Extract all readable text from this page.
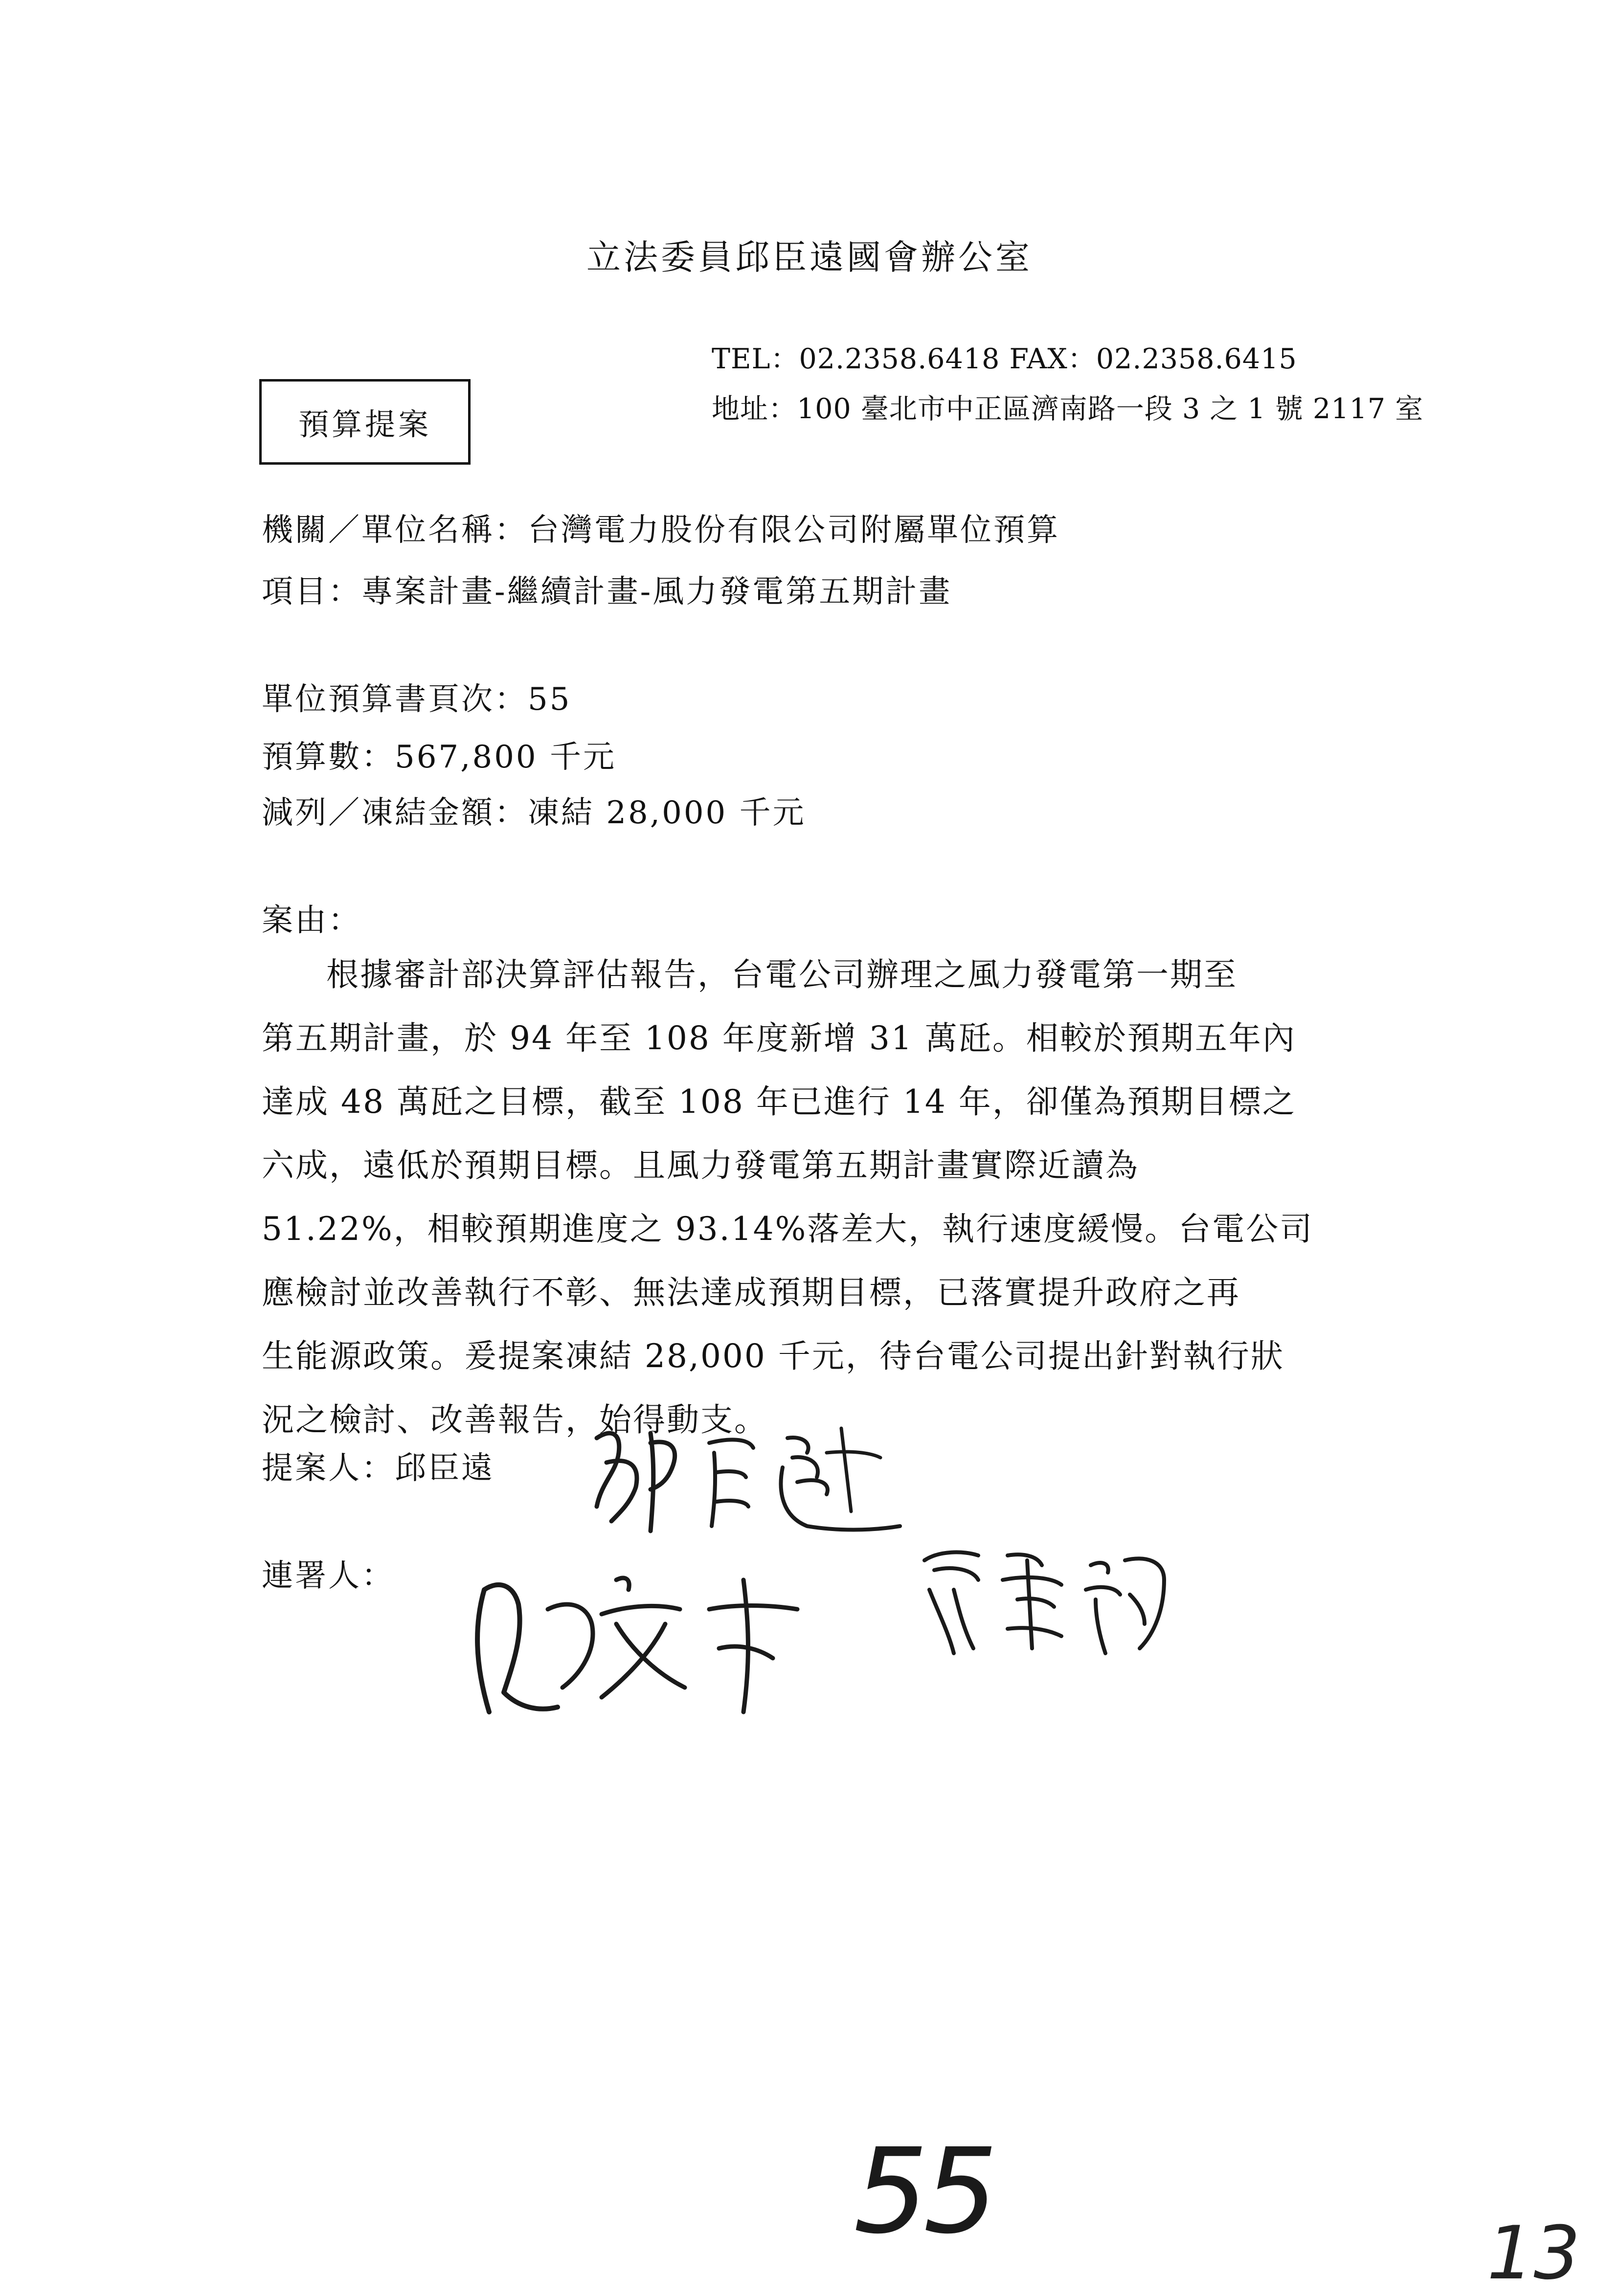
立法委員邱臣遠國會辦公室
TEL：02.2358.6418 FAX：02.2358.6415
地址：100 臺北市中正區濟南路一段 3 之 1 號 2117 室
預算提案
機關／單位名稱：台灣電力股份有限公司附屬單位預算
項目：專案計畫-繼續計畫-風力發電第五期計畫
單位預算書頁次：55
預算數：567,800 千元
減列／凍結金額：凍結 28,000 千元
案由：
根據審計部決算評估報告，台電公司辦理之風力發電第一期至
第五期計畫，於 94 年至 108 年度新增 31 萬瓩。相較於預期五年內
達成 48 萬瓩之目標，截至 108 年已進行 14 年，卻僅為預期目標之
六成，遠低於預期目標。且風力發電第五期計畫實際近讀為
51.22%，相較預期進度之 93.14%落差大，執行速度緩慢。台電公司
應檢討並改善執行不彰、無法達成預期目標，已落實提升政府之再
生能源政策。爰提案凍結 28,000 千元，待台電公司提出針對執行狀
況之檢討、改善報告，始得動支。
提案人：邱臣遠
連署人：
55	13
